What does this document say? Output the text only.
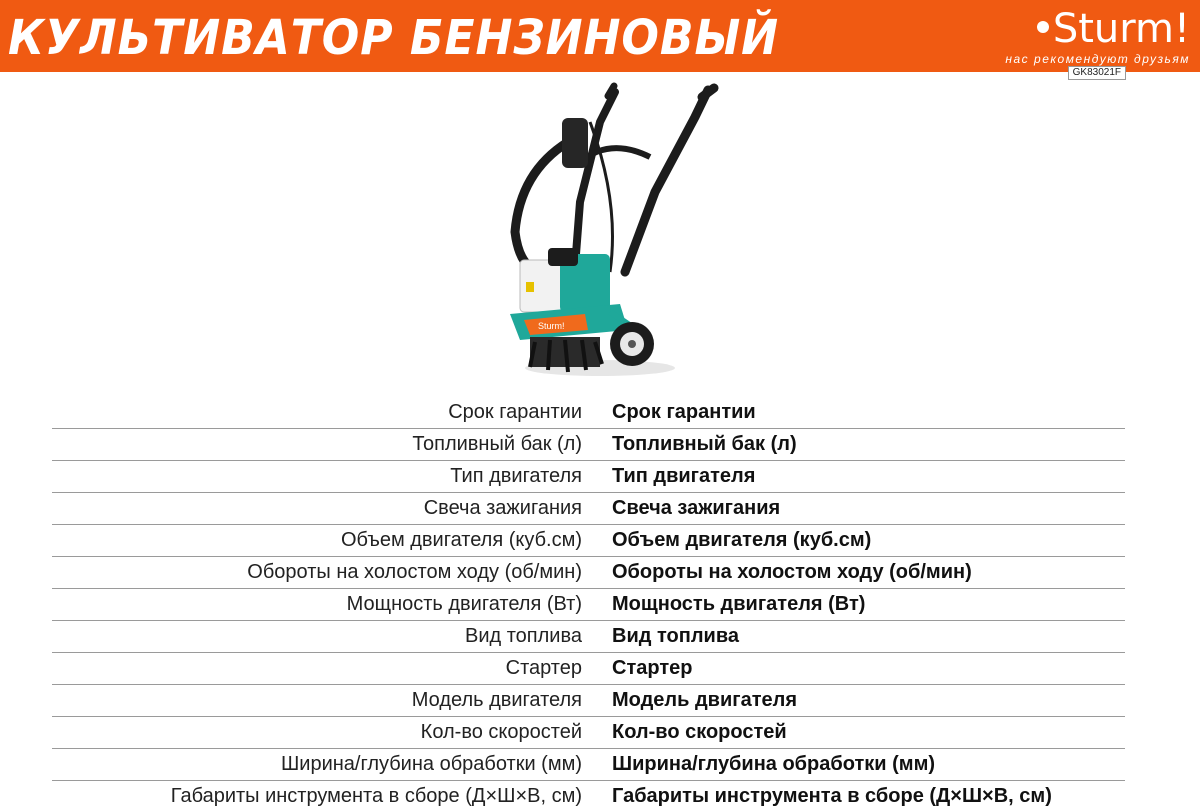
КУЛЬТИВАТОР БЕНЗИНОВЫЙ	Sturm!
нас рекомендуют друзьям
GK83021F
Sturm!
Срок гарантии Срок гарантии
Топливный бак (л) Топливный бак (л)
Тип двигателя Тип двигателя
Свеча зажигания Свеча зажигания
Объем двигателя (куб.см) Объем двигателя (куб.см)
Обороты на холостом ходу (об/мин) Обороты на холостом ходу (об/мин)
Мощность двигателя (Вт) Мощность двигателя (Вт)
Вид топлива Вид топлива
Стартер Стартер
Модель двигателя Модель двигателя
Кол-во скоростей Кол-во скоростей
Ширина/глубина обработки (мм) Ширина/глубина обработки (мм)
Габариты инструмента в сборе (Д×Ш×В, см) Габариты инструмента в сборе (Д×Ш×В, см)
